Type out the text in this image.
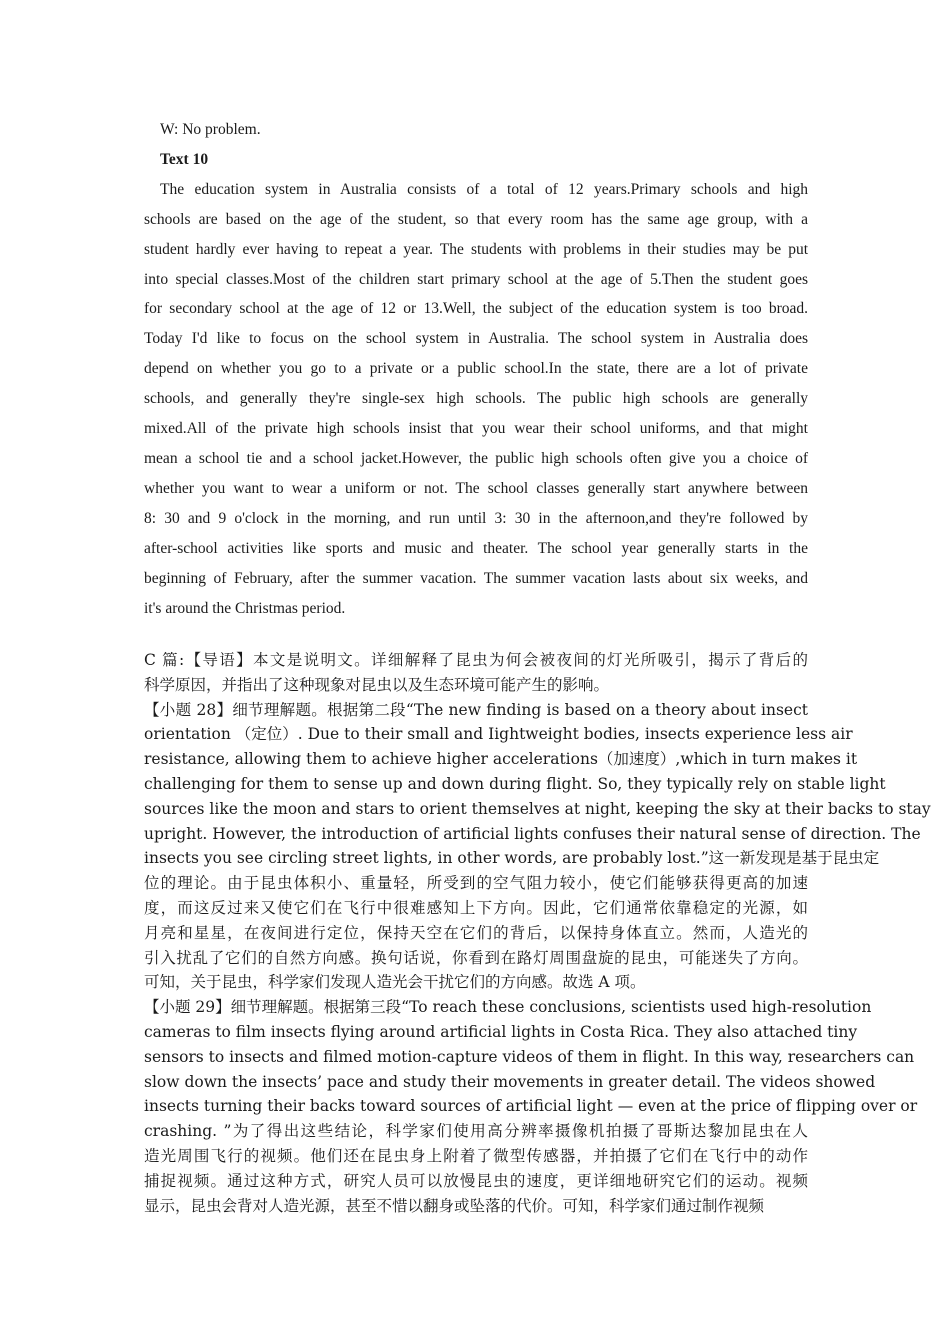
W: No problem.

Text 10

The education system in Australia consists of a total of 12 years.Primary schools and high
schools are based on the age of the student, so that every room has the same age group, with a
student hardly ever having to repeat a year. The students with problems in their studies may be put
into special classes.Most of the children start primary school at the age of 5.Then the student goes
for secondary school at the age of 12 or 13.Well, the subject of the education system is too broad.
Today I'd like to focus on the school system in Australia. The school system in Australia does
depend on whether you go to a private or a public school.In the state, there are a lot of private
schools, and generally they're single-sex high schools. The public high schools are generally
mixed.All of the private high schools insist that you wear their school uniforms, and that might
mean a school tie and a school jacket.However, the public high schools often give you a choice of
whether you want to wear a uniform or not. The school classes generally start anywhere between
8: 30 and 9 o'clock in the morning, and run until 3: 30 in the afternoon,and they're followed by
after-school activities like sports and music and theater. The school year generally starts in the
beginning of February, after the summer vacation. The summer vacation lasts about six weeks, and
it's around the Christmas period.
C 篇:【导语】本文是说明文。详细解释了昆虫为何会被夜间的灯光所吸引，揭示了背后的
科学原因，并指出了这种现象对昆虫以及生态环境可能产生的影响。
【小题 28】细节理解题。根据第二段“The new finding is based on a theory about insect
orientation （定位）. Due to their small and Iightweight bodies, insects experience less air
resistance, allowing them to achieve higher accelerations（加速度）,which in turn makes it
challenging for them to sense up and down during flight. So, they typically rely on stable light
sources like the moon and stars to orient themselves at night, keeping the sky at their backs to stay
upright. However, the introduction of artificial lights confuses their natural sense of direction. The
insects you see circling street lights, in other words, are probably lost.”这一新发现是基于昆虫定
位的理论。由于昆虫体积小、重量轻，所受到的空气阻力较小，使它们能够获得更高的加速
度，而这反过来又使它们在飞行中很难感知上下方向。因此，它们通常依靠稳定的光源，如
月亮和星星，在夜间进行定位，保持天空在它们的背后，以保持身体直立。然而，人造光的
引入扰乱了它们的自然方向感。换句话说，你看到在路灯周围盘旋的昆虫，可能迷失了方向。
可知，关于昆虫，科学家们发现人造光会干扰它们的方向感。故选 A 项。
【小题 29】细节理解题。根据第三段“To reach these conclusions, scientists used high-resolution
cameras to film insects flying around artificial lights in Costa Rica. They also attached tiny
sensors to insects and filmed motion-capture videos of them in flight. In this way, researchers can
slow down the insects’ pace and study their movements in greater detail. The videos showed
insects turning their backs toward sources of artificial light — even at the price of flipping over or
crashing. ”为了得出这些结论，科学家们使用高分辨率摄像机拍摄了哥斯达黎加昆虫在人
造光周围飞行的视频。他们还在昆虫身上附着了微型传感器，并拍摄了它们在飞行中的动作
捕捉视频。通过这种方式，研究人员可以放慢昆虫的速度，更详细地研究它们的运动。视频
显示，昆虫会背对人造光源，甚至不惜以翻身或坠落的代价。可知，科学家们通过制作视频
